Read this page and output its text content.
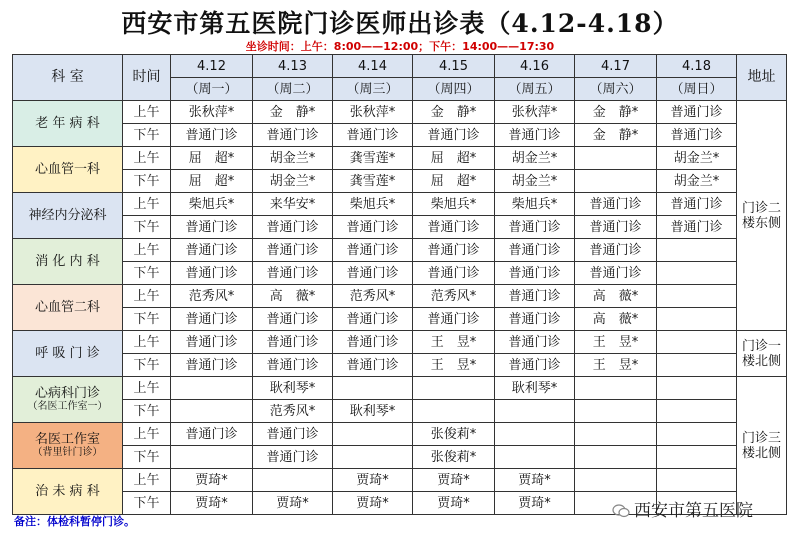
西安市第五医院门诊医师出诊表（4.12-4.18）
坐诊时间：上午：8:00——12:00；下午：14:00——17:30
科 室	时间	4.12	4.13	4.14	4.15	4.16	4.17	4.18	地址
		（周一）	（周二）	（周三）	（周四）	（周五）	（周六）	（周日）	
老 年 病 科	上午	张秋萍*	金　静*	张秋萍*	金　静*	张秋萍*	金　静*	普通门诊	门诊二楼东侧
	下午	普通门诊	普通门诊	普通门诊	普通门诊	普通门诊	金　静*	普通门诊	
心血管一科	上午	屈　超*	胡金兰*	龚雪莲*	屈　超*	胡金兰*		胡金兰*	
	下午	屈　超*	胡金兰*	龚雪莲*	屈　超*	胡金兰*		胡金兰*	
神经内分泌科	上午	柴旭兵*	来华安*	柴旭兵*	柴旭兵*	柴旭兵*	普通门诊	普通门诊	
	下午	普通门诊	普通门诊	普通门诊	普通门诊	普通门诊	普通门诊	普通门诊	
消 化 内 科	上午	普通门诊	普通门诊	普通门诊	普通门诊	普通门诊	普通门诊		
	下午	普通门诊	普通门诊	普通门诊	普通门诊	普通门诊	普通门诊		
心血管二科	上午	范秀风*	高　薇*	范秀风*	范秀风*	普通门诊	高　薇*		
	下午	普通门诊	普通门诊	普通门诊	普通门诊	普通门诊	高　薇*		
呼 吸 门 诊	上午	普通门诊	普通门诊	普通门诊	王　昱*	普通门诊	王　昱*		门诊一楼北侧
	下午	普通门诊	普通门诊	普通门诊	王　昱*	普通门诊	王　昱*		
心病科门诊
（名医工作室一）	上午		耿利琴*			耿利琴*			门诊三楼北侧
	下午		范秀风*	耿利琴*					
名医工作室
（背里针门诊）	上午	普通门诊	普通门诊		张俊莉*				
	下午		普通门诊		张俊莉*				
治 未 病 科	上午	贾琦*		贾琦*	贾琦*	贾琦*			
	下午	贾琦*	贾琦*	贾琦*	贾琦*	贾琦*			
备注：体检科暂停门诊。
西安市第五医院
